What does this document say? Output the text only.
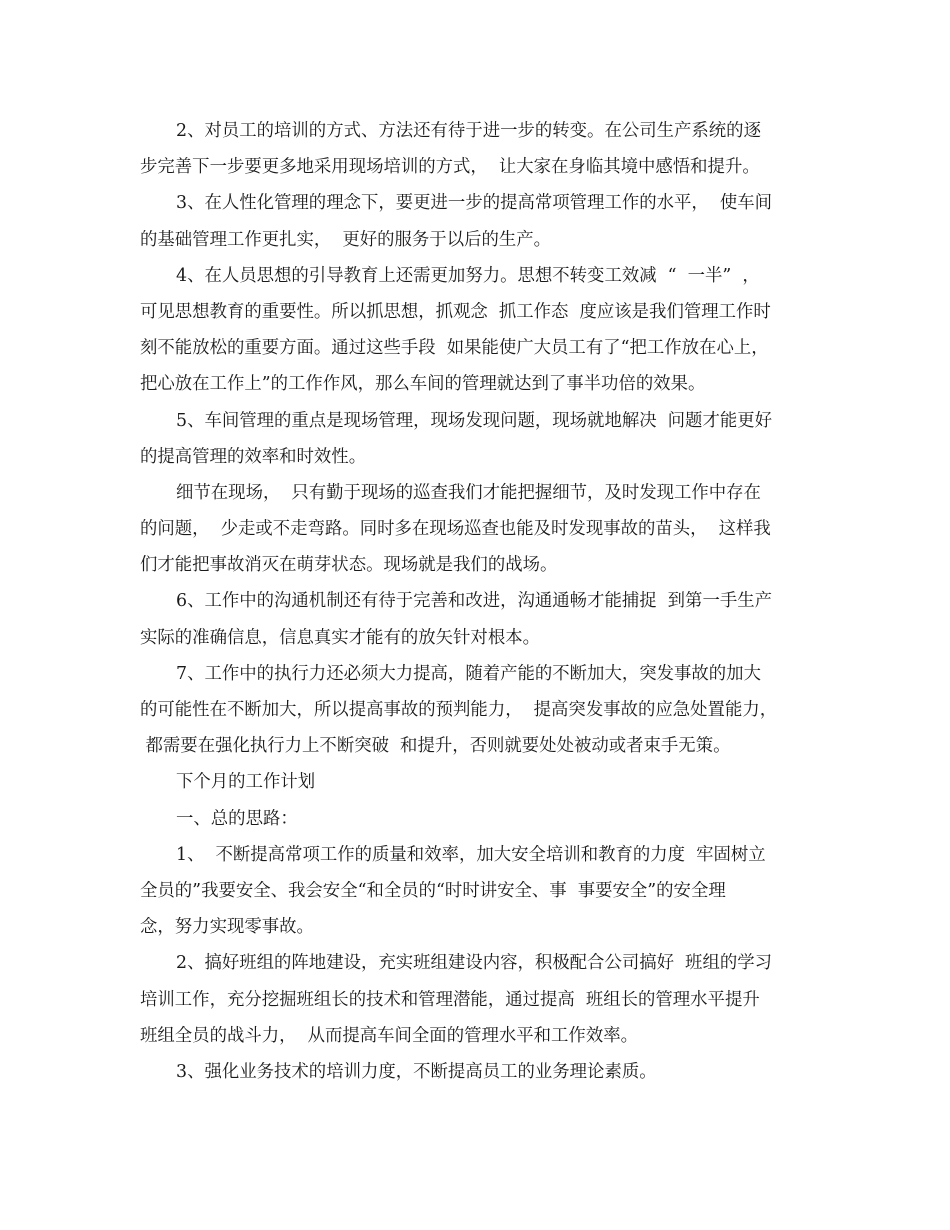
2、对员工的培训的方式、方法还有待于进一步的转变。在公司生产系统的逐
步完善下一步要更多地采用现场培训的方式，  让大家在身临其境中感悟和提升。
3、在人性化管理的理念下，要更进一步的提高常项管理工作的水平，  使车间
的基础管理工作更扎实，  更好的服务于以后的生产。
4、在人员思想的引导教育上还需更加努力。思想不转变工效减  “  一半”  ，
可见思想教育的重要性。所以抓思想，抓观念  抓工作态  度应该是我们管理工作时
刻不能放松的重要方面。通过这些手段  如果能使广大员工有了“把工作放在心上，
把心放在工作上”的工作作风，那么车间的管理就达到了事半功倍的效果。
5、车间管理的重点是现场管理，现场发现问题，现场就地解决  问题才能更好
的提高管理的效率和时效性。
细节在现场，  只有勤于现场的巡查我们才能把握细节，及时发现工作中存在
的问题，  少走或不走弯路。同时多在现场巡查也能及时发现事故的苗头，  这样我
们才能把事故消灭在萌芽状态。现场就是我们的战场。
6、工作中的沟通机制还有待于完善和改进，沟通通畅才能捕捉  到第一手生产
实际的准确信息，信息真实才能有的放矢针对根本。
7、工作中的执行力还必须大力提高，随着产能的不断加大，突发事故的加大
的可能性在不断加大，所以提高事故的预判能力，  提高突发事故的应急处置能力，
都需要在强化执行力上不断突破  和提升，否则就要处处被动或者束手无策。
下个月的工作计划
一、总的思路：
1、  不断提高常项工作的质量和效率，加大安全培训和教育的力度  牢固树立
全员的”我要安全、我会安全“和全员的“时时讲安全、事  事要安全”的安全理
念，努力实现零事故。
2、搞好班组的阵地建设，充实班组建设内容，积极配合公司搞好  班组的学习
培训工作，充分挖掘班组长的技术和管理潜能，通过提高  班组长的管理水平提升
班组全员的战斗力，  从而提高车间全面的管理水平和工作效率。
3、强化业务技术的培训力度，不断提高员工的业务理论素质。
